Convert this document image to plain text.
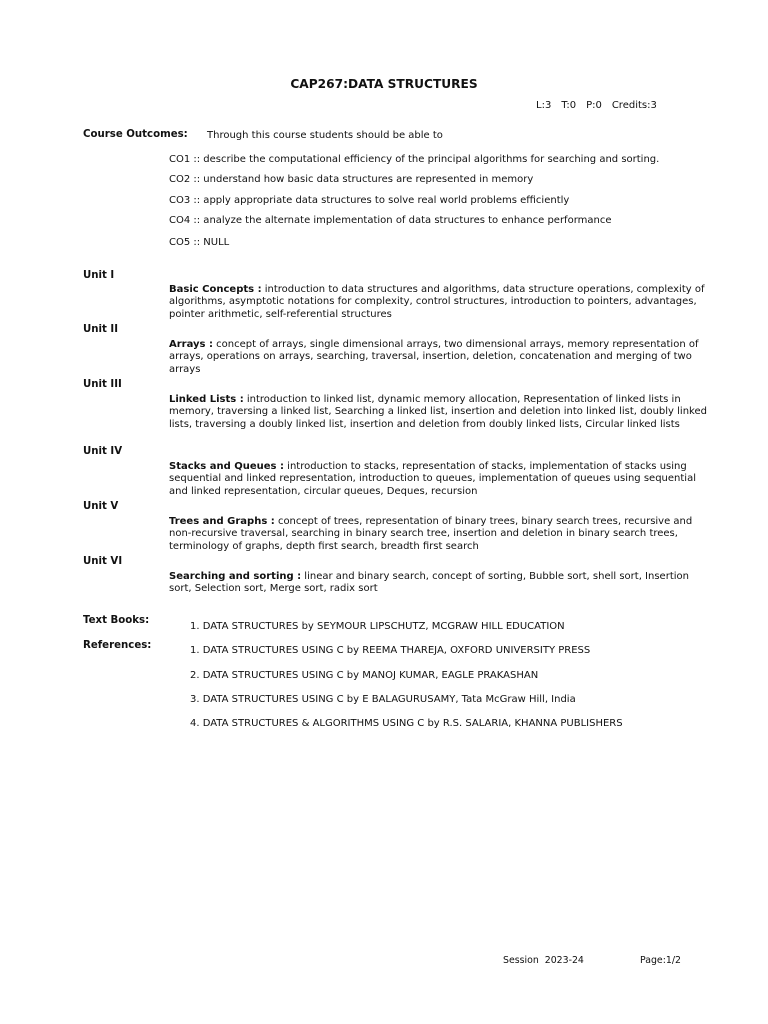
CAP267:DATA STRUCTURES
L:3 T:0 P:0 Credits:3
Course Outcomes: Through this course students should be able to
CO1 :: describe the computational efficiency of the principal algorithms for searching and sorting.
CO2 :: understand how basic data structures are represented in memory
CO3 :: apply appropriate data structures to solve real world problems efficiently
CO4 :: analyze the alternate implementation of data structures to enhance performance
CO5 :: NULL
Unit I
Basic Concepts : introduction to data structures and algorithms, data structure operations, complexity of algorithms, asymptotic notations for complexity, control structures, introduction to pointers, advantages, pointer arithmetic, self-referential structures
Unit II
Arrays : concept of arrays, single dimensional arrays, two dimensional arrays, memory representation of arrays, operations on arrays, searching, traversal, insertion, deletion, concatenation and merging of two arrays
Unit III
Linked Lists : introduction to linked list, dynamic memory allocation, Representation of linked lists in memory, traversing a linked list, Searching a linked list, insertion and deletion into linked list, doubly linked lists, traversing a doubly linked list, insertion and deletion from doubly linked lists, Circular linked lists
Unit IV
Stacks and Queues : introduction to stacks, representation of stacks, implementation of stacks using sequential and linked representation, introduction to queues, implementation of queues using sequential and linked representation, circular queues, Deques, recursion
Unit V
Trees and Graphs : concept of trees, representation of binary trees, binary search trees, recursive and non-recursive traversal, searching in binary search tree, insertion and deletion in binary search trees, terminology of graphs, depth first search, breadth first search
Unit VI
Searching and sorting : linear and binary search, concept of sorting, Bubble sort, shell sort, Insertion sort, Selection sort, Merge sort, radix sort
Text Books:
1. DATA STRUCTURES by SEYMOUR LIPSCHUTZ, MCGRAW HILL EDUCATION
References:	1. DATA STRUCTURES USING C by REEMA THAREJA, OXFORD UNIVERSITY PRESS
2. DATA STRUCTURES USING C by MANOJ KUMAR, EAGLE PRAKASHAN
3. DATA STRUCTURES USING C by E BALAGURUSAMY, Tata McGraw Hill, India
4. DATA STRUCTURES & ALGORITHMS USING C by R.S. SALARIA, KHANNA PUBLISHERS
Session  2023-24	Page:1/2
